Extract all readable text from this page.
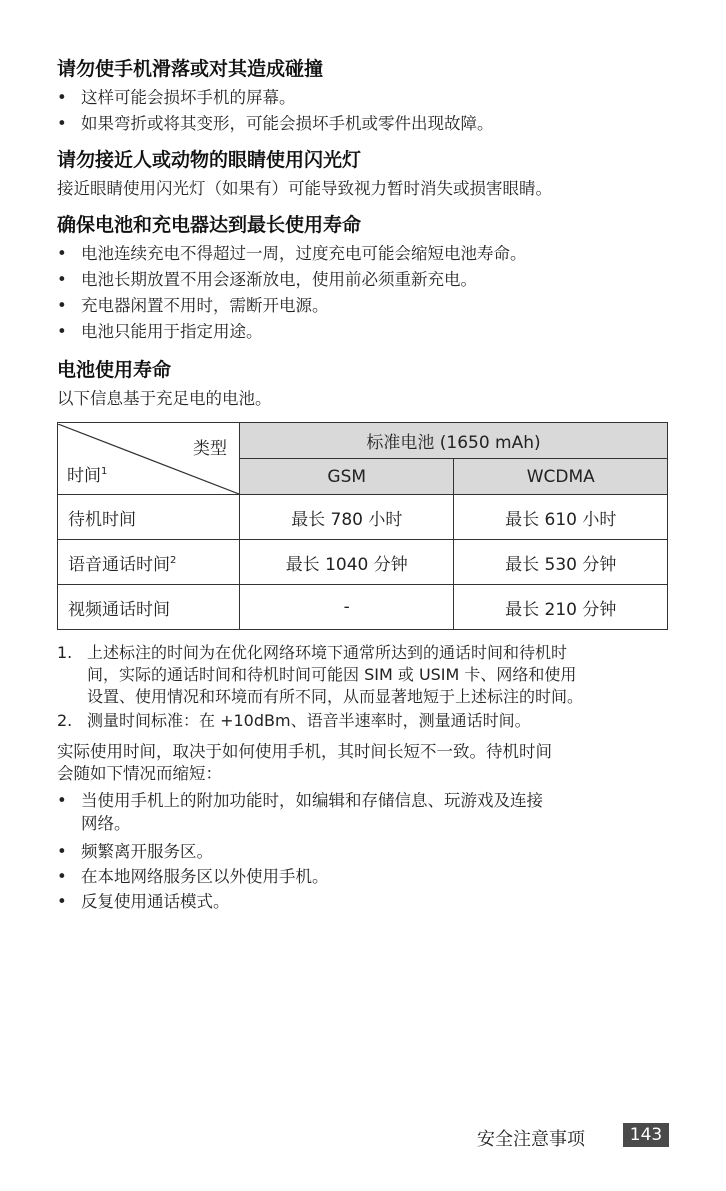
请勿使手机滑落或对其造成碰撞
• 这样可能会损坏手机的屏幕。
• 如果弯折或将其变形，可能会损坏手机或零件出现故障。
请勿接近人或动物的眼睛使用闪光灯
接近眼睛使用闪光灯（如果有）可能导致视力暂时消失或损害眼睛。
确保电池和充电器达到最长使用寿命
• 电池连续充电不得超过一周，过度充电可能会缩短电池寿命。
• 电池长期放置不用会逐渐放电，使用前必须重新充电。
• 充电器闲置不用时，需断开电源。
• 电池只能用于指定用途。
电池使用寿命
以下信息基于充足电的电池。
类型
时间$^1$	标准电池 (1650 mAh)	
	GSM	WCDMA
待机时间	最长 780 小时	最长 610 小时
语音通话时间$^2$	最长 1040 分钟	最长 530 分钟
视频通话时间	-	最长 210 分钟
1. 上述标注的时间为在优化网络环境下通常所达到的通话时间和待机时
间，实际的通话时间和待机时间可能因 SIM 或 USIM 卡、网络和使用
设置、使用情况和环境而有所不同，从而显著地短于上述标注的时间。
2. 测量时间标准：在 +10dBm、语音半速率时，测量通话时间。
实际使用时间，取决于如何使用手机，其时间长短不一致。待机时间
会随如下情况而缩短：
• 当使用手机上的附加功能时，如编辑和存储信息、玩游戏及连接
网络。
• 频繁离开服务区。
• 在本地网络服务区以外使用手机。
• 反复使用通话模式。
安全注意事项	143
